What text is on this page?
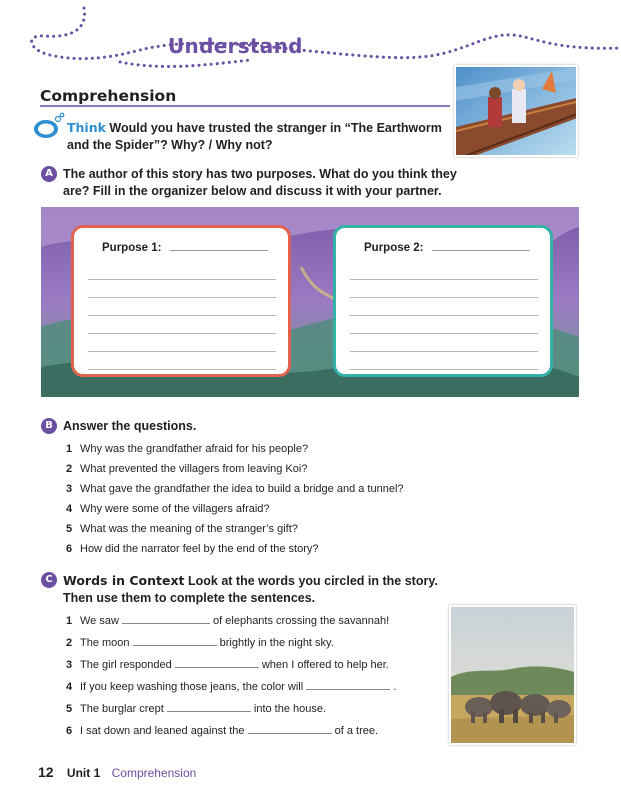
Understand
Comprehension
Think Would you have trusted the stranger in “The Earthworm and the Spider”? Why? / Why not?
A The author of this story has two purposes. What do you think they are? Fill in the organizer below and discuss it with your partner.
Purpose 1:	Purpose 2:
B Answer the questions.
1 Why was the grandfather afraid for his people?
2 What prevented the villagers from leaving Koi?
3 What gave the grandfather the idea to build a bridge and a tunnel?
4 Why were some of the villagers afraid?
5 What was the meaning of the stranger’s gift?
6 How did the narrator feel by the end of the story?
C Words in Context Look at the words you circled in the story. Then use them to complete the sentences.
1 We saw	of elephants crossing the savannah!
2 The moon	brightly in the night sky.
3 The girl responded	when I offered to help her.
4 If you keep washing those jeans, the color will	.
5 The burglar crept	into the house.
6 I sat down and leaned against the	of a tree.
12 Unit 1 Comprehension
